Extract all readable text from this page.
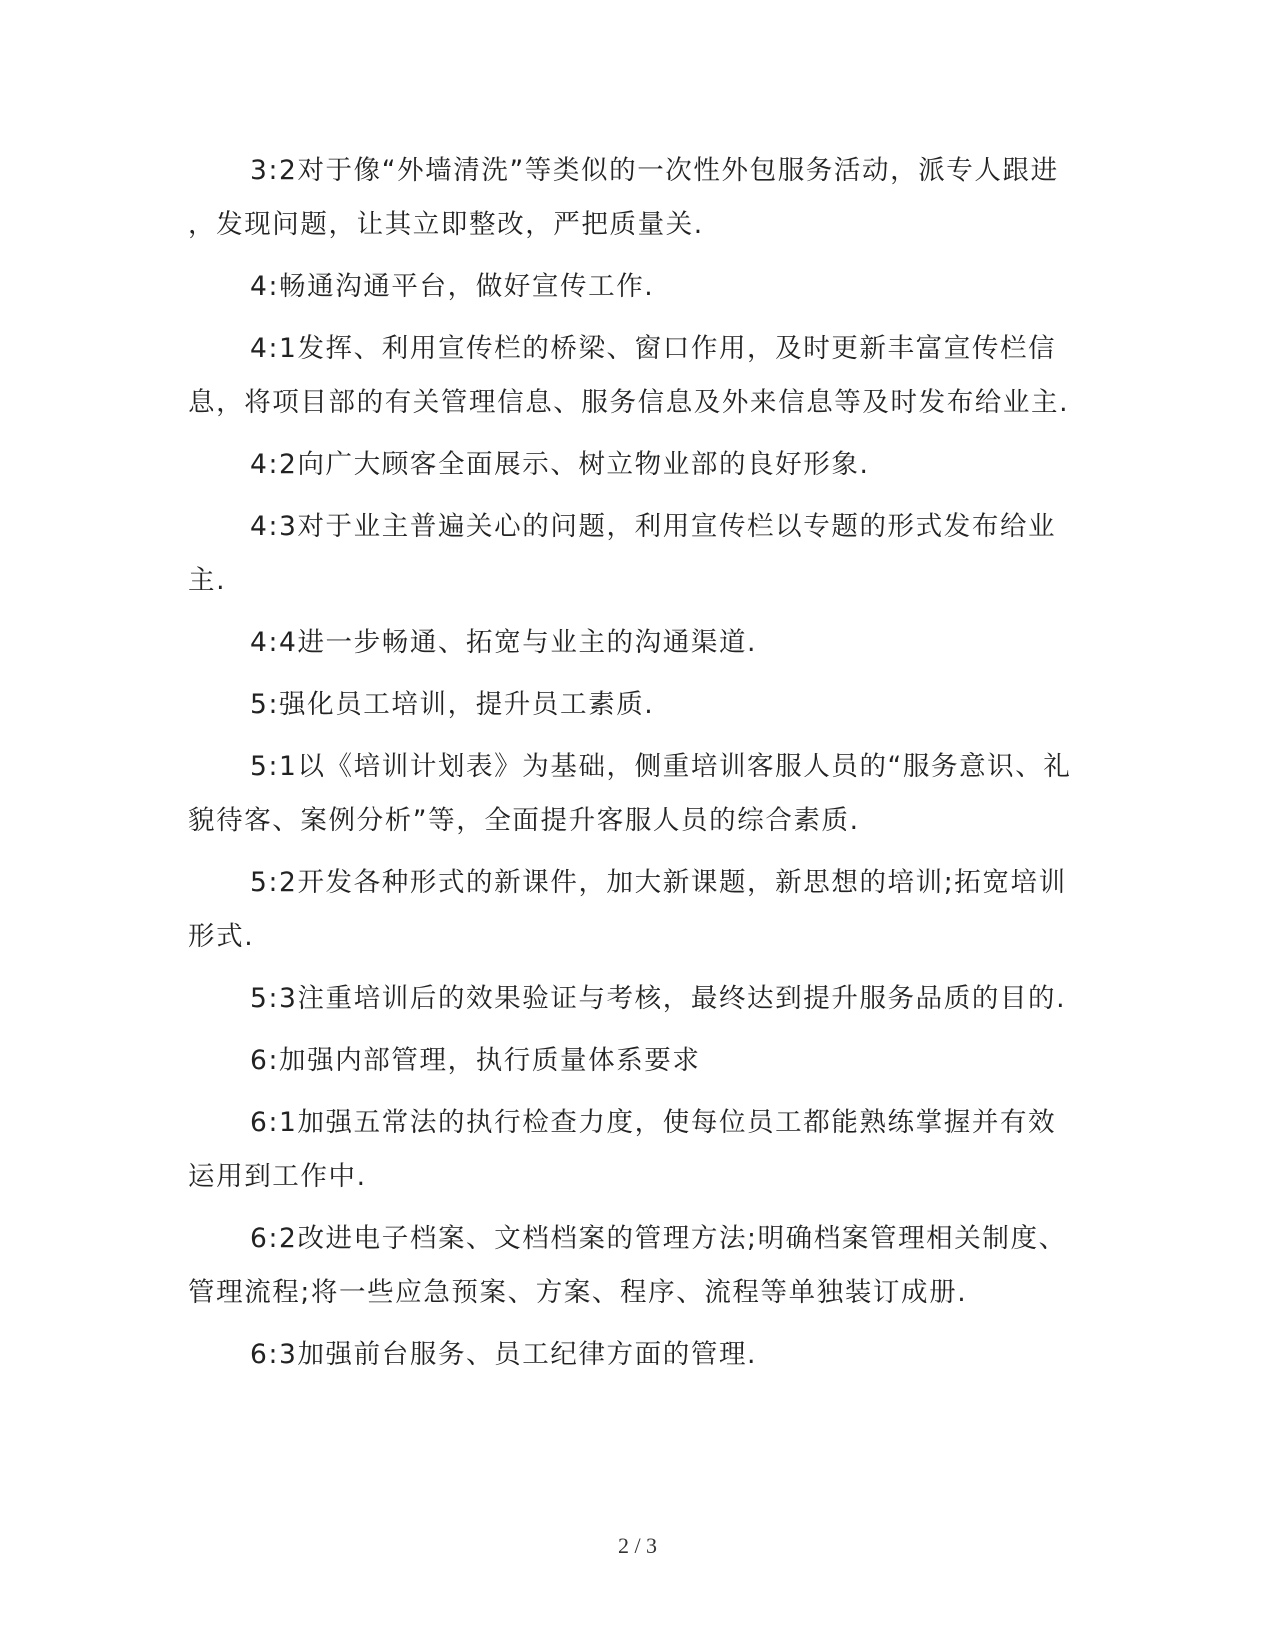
3:2对于像“外墙清洗”等类似的一次性外包服务活动，派专人跟进，发现问题，让其立即整改，严把质量关.

4:畅通沟通平台，做好宣传工作.

4:1发挥、利用宣传栏的桥梁、窗口作用，及时更新丰富宣传栏信息，将项目部的有关管理信息、服务信息及外来信息等及时发布给业主.

4:2向广大顾客全面展示、树立物业部的良好形象.

4:3对于业主普遍关心的问题，利用宣传栏以专题的形式发布给业主.

4:4进一步畅通、拓宽与业主的沟通渠道.

5:强化员工培训，提升员工素质.

5:1以《培训计划表》为基础，侧重培训客服人员的“服务意识、礼貌待客、案例分析”等，全面提升客服人员的综合素质.

5:2开发各种形式的新课件，加大新课题，新思想的培训;拓宽培训形式.

5:3注重培训后的效果验证与考核，最终达到提升服务品质的目的.

6:加强内部管理，执行质量体系要求

6:1加强五常法的执行检查力度，使每位员工都能熟练掌握并有效运用到工作中.

6:2改进电子档案、文档档案的管理方法;明确档案管理相关制度、管理流程;将一些应急预案、方案、程序、流程等单独装订成册.

6:3加强前台服务、员工纪律方面的管理.

2 / 3
